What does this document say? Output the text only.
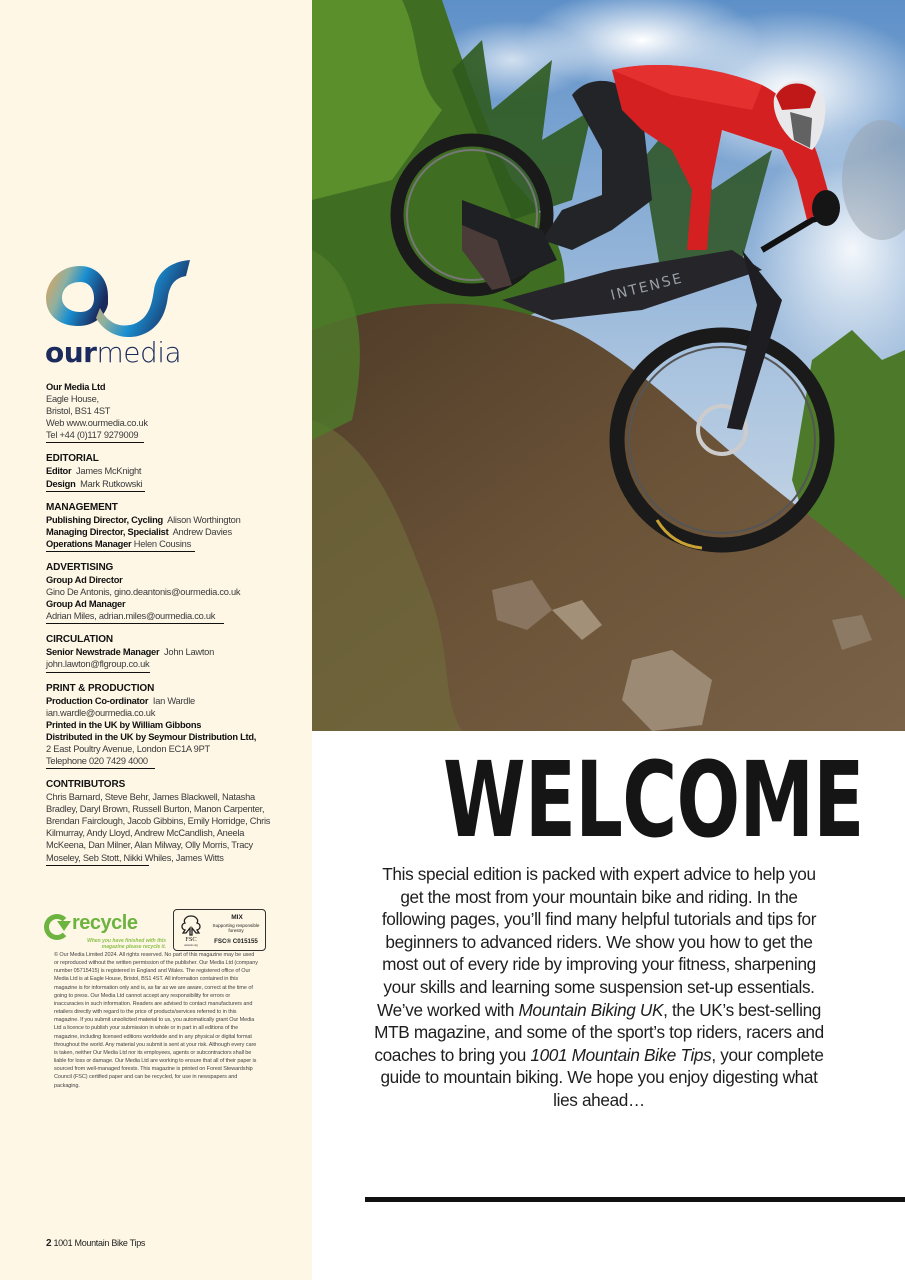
ourmedia
Our Media Ltd
Eagle House,
Bristol, BS1 4ST
Web www.ourmedia.co.uk
Tel +44 (0)117 9279009
EDITORIAL
Editor James McKnight
Design Mark Rutkowski
MANAGEMENT
Publishing Director, Cycling Alison Worthington
Managing Director, Specialist Andrew Davies
Operations Manager Helen Cousins
ADVERTISING
Group Ad Director
Gino De Antonis, gino.deantonis@ourmedia.co.uk
Group Ad Manager
Adrian Miles, adrian.miles@ourmedia.co.uk
CIRCULATION
Senior Newstrade Manager John Lawton
john.lawton@flgroup.co.uk
PRINT & PRODUCTION
Production Co-ordinator Ian Wardle
ian.wardle@ourmedia.co.uk
Printed in the UK by William Gibbons
Distributed in the UK by Seymour Distribution Ltd,
2 East Poultry Avenue, London EC1A 9PT
Telephone 020 7429 4000
CONTRIBUTORS
Chris Barnard, Steve Behr, James Blackwell, Natasha Bradley, Daryl Brown, Russell Burton, Manon Carpenter, Brendan Fairclough, Jacob Gibbins, Emily Horridge, Chris Kilmurray, Andy Lloyd, Andrew McCandlish, Aneela McKeena, Dan Milner, Alan Milway, Olly Morris, Tracy Moseley, Seb Stott, Nikki Whiles, James Witts
recycle
When you have finished with this magazine please recycle it.
FSC
www.fsc.org
MIX
Supporting responsible forestry
FSC® C015155

© Our Media Limited 2024. All rights reserved. No part of this magazine may be used or reproduced without the written permission of the publisher. Our Media Ltd (company number 05715415) is registered in England and Wales. The registered office of Our Media Ltd is at Eagle House, Bristol, BS1 4ST. All information contained in this magazine is for information only and is, as far as we are aware, correct at the time of going to press. Our Media Ltd cannot accept any responsibility for errors or inaccuracies in such information. Readers are advised to contact manufacturers and retailers directly with regard to the price of products/services referred to in this magazine. If you submit unsolicited material to us, you automatically grant Our Media Ltd a licence to publish your submission in whole or in part in all editions of the magazine, including licensed editions worldwide and in any physical or digital format throughout the world. Any material you submit is sent at your risk. Although every care is taken, neither Our Media Ltd nor its employees, agents or subcontractors shall be liable for loss or damage. Our Media Ltd are working to ensure that all of their paper is sourced from well-managed forests. This magazine is printed on Forest Stewardship Council (FSC) certified paper and can be recycled, for use in newspapers and packaging.

2 1001 Mountain Bike Tips
INTENSE
WELCOME

This special edition is packed with expert advice to help you get the most from your mountain bike and riding. In the following pages, you’ll find many helpful tutorials and tips for beginners to advanced riders. We show you how to get the most out of every ride by improving your fitness, sharpening your skills and learning some suspension set-up essentials. We’ve worked with Mountain Biking UK, the UK’s best-selling MTB magazine, and some of the sport’s top riders, racers and coaches to bring you 1001 Mountain Bike Tips, your complete guide to mountain biking. We hope you enjoy digesting what lies ahead…
